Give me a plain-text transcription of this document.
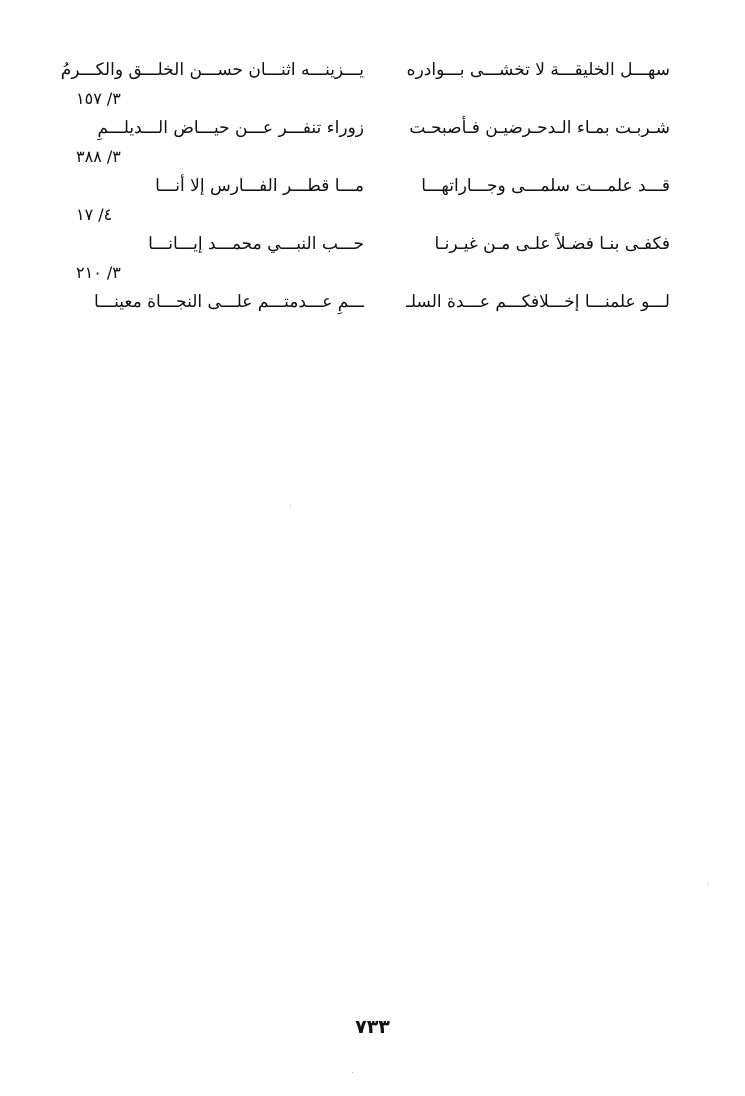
سهـــل الخليقـــة لا تخشـــى بـــوادره
يـــزينـــه اثنـــان حســـن الخلـــق والكـــرمُ
٣/ ١٥٧
شـربـت بمـاء الـدحـرضيـن فـأصبحـت
زوراء تنفـــر عـــن حيـــاض الـــديلـــمِ
٣/ ٣٨٨
قـــد علمـــت سلمـــى وجـــاراتهـــا
مـــا قطـــر الفـــارس إلا أنـــا
٤/ ١٧
فكفـى بنـا فضـلاً علـى مـن غيـرنـا
حـــب النبـــي محمـــد إيـــانـــا
٣/ ٢١٠
لـــو علمنـــا إخـــلافكـــم عـــدة السلـ
ـــمِ عـــدمتـــم علـــى النجـــاة معينـــا
٧٣٣
